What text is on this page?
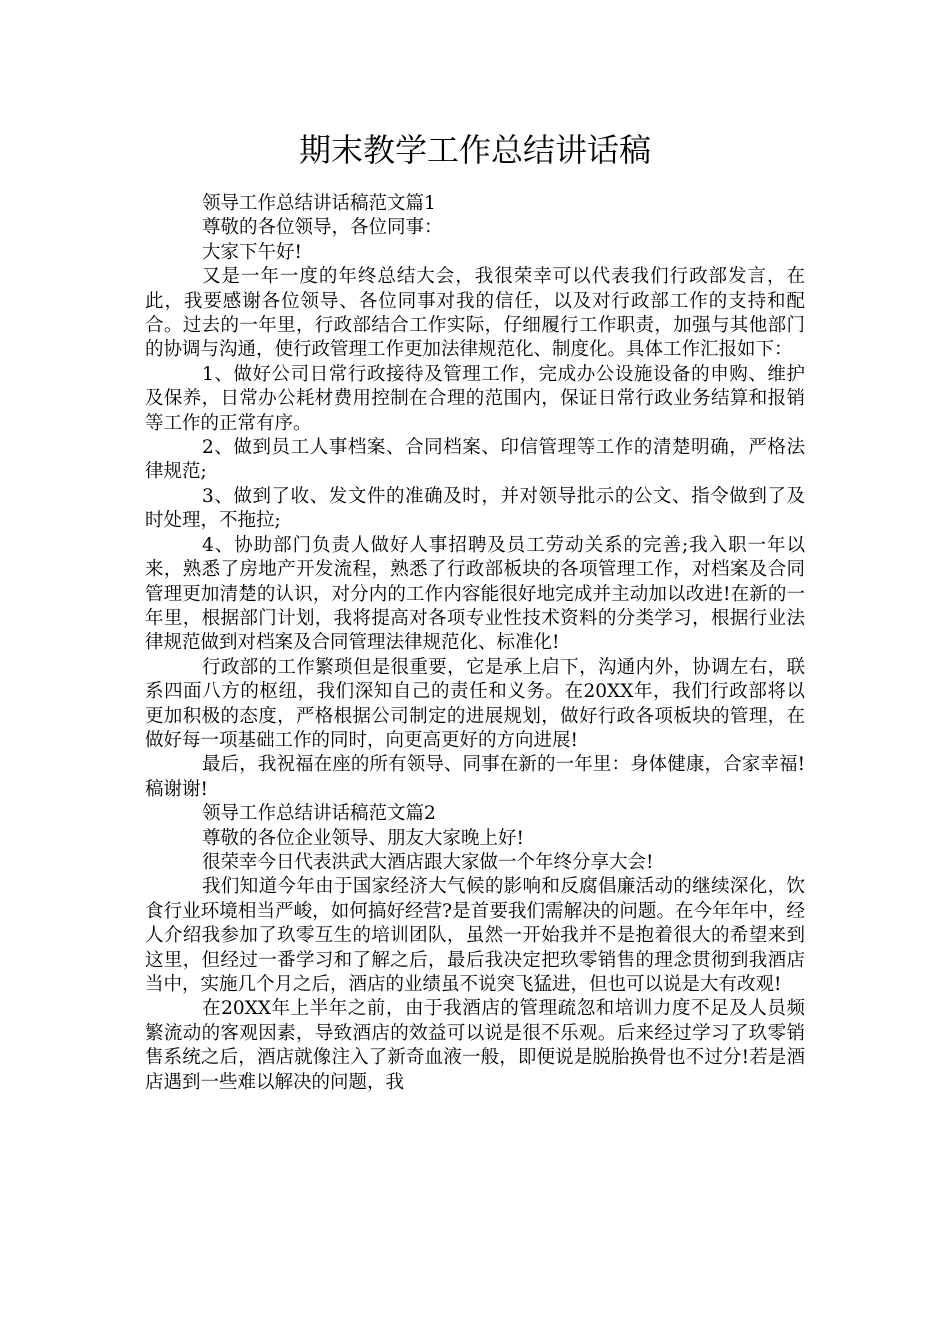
期末教学工作总结讲话稿

领导工作总结讲话稿范文篇1

尊敬的各位领导，各位同事：

大家下午好!

又是一年一度的年终总结大会，我很荣幸可以代表我们行政部发言，在此，我要感谢各位领导、各位同事对我的信任，以及对行政部工作的支持和配合。过去的一年里，行政部结合工作实际，仔细履行工作职责，加强与其他部门的协调与沟通，使行政管理工作更加法律规范化、制度化。具体工作汇报如下：

1、做好公司日常行政接待及管理工作，完成办公设施设备的申购、维护及保养，日常办公耗材费用控制在合理的范围内，保证日常行政业务结算和报销等工作的正常有序。

2、做到员工人事档案、合同档案、印信管理等工作的清楚明确，严格法律规范;

3、做到了收、发文件的准确及时，并对领导批示的公文、指令做到了及时处理，不拖拉;

4、协助部门负责人做好人事招聘及员工劳动关系的完善;我入职一年以来，熟悉了房地产开发流程，熟悉了行政部板块的各项管理工作，对档案及合同管理更加清楚的认识，对分内的工作内容能很好地完成并主动加以改进!在新的一年里，根据部门计划，我将提高对各项专业性技术资料的分类学习，根据行业法律规范做到对档案及合同管理法律规范化、标准化!

行政部的工作繁琐但是很重要，它是承上启下，沟通内外，协调左右，联系四面八方的枢纽，我们深知自己的责任和义务。在20XX年，我们行政部将以更加积极的态度，严格根据公司制定的进展规划，做好行政各项板块的管理，在做好每一项基础工作的同时，向更高更好的方向进展!

最后，我祝福在座的所有领导、同事在新的一年里：身体健康，合家幸福!稿谢谢!

领导工作总结讲话稿范文篇2

尊敬的各位企业领导、朋友大家晚上好!

很荣幸今日代表洪武大酒店跟大家做一个年终分享大会!

我们知道今年由于国家经济大气候的影响和反腐倡廉活动的继续深化，饮食行业环境相当严峻，如何搞好经营?是首要我们需解决的问题。在今年年中，经人介绍我参加了玖零互生的培训团队，虽然一开始我并不是抱着很大的希望来到这里，但经过一番学习和了解之后，最后我决定把玖零销售的理念贯彻到我酒店当中，实施几个月之后，酒店的业绩虽不说突飞猛进，但也可以说是大有改观!

在20XX年上半年之前，由于我酒店的管理疏忽和培训力度不足及人员频繁流动的客观因素，导致酒店的效益可以说是很不乐观。后来经过学习了玖零销售系统之后，酒店就像注入了新奇血液一般，即便说是脱胎换骨也不过分!若是酒店遇到一些难以解决的问题，我
